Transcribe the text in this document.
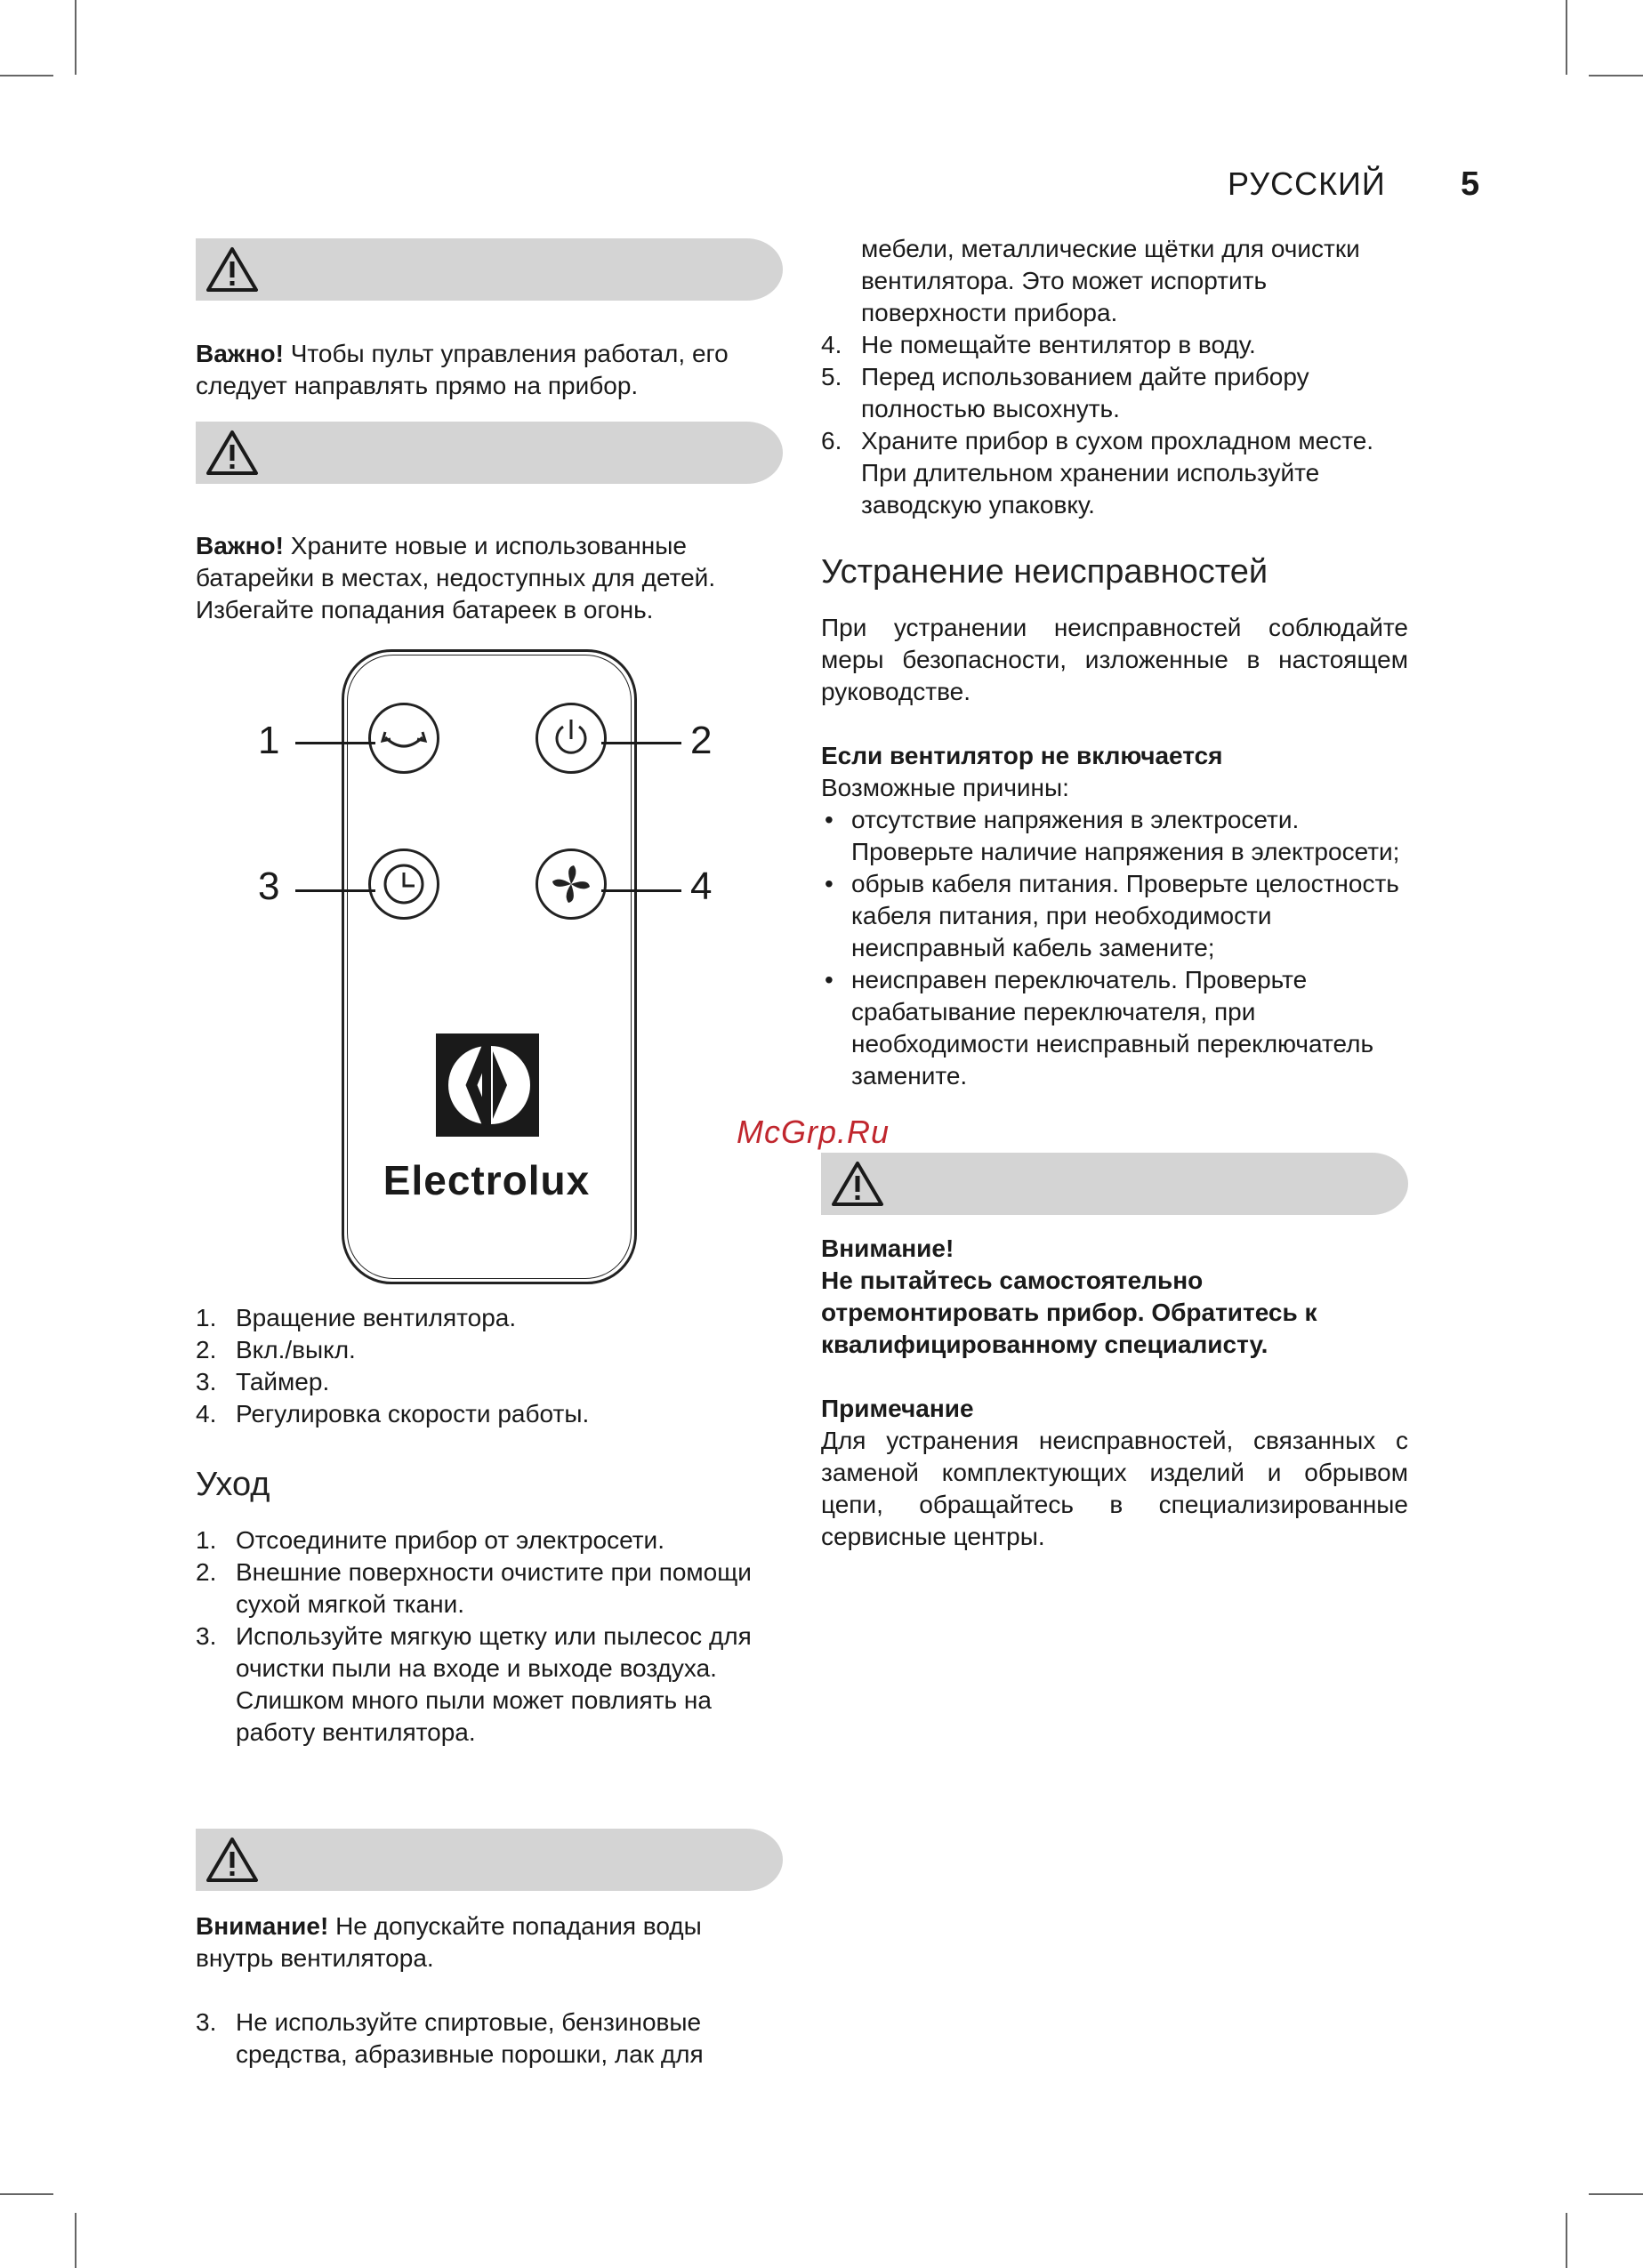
РУССКИЙ 5

Важно! Чтобы пульт управления работал, его следует направлять прямо на прибор.

Важно! Храните новые и использованные батарейки в местах, недоступных для детей. Избегайте попадания батареек в огонь.

Electrolux
1	2
3	4
1. Вращение вентилятора.
2. Вкл./выкл.
3. Таймер.
4. Регулировка скорости работы.
Уход
1. Отсоедините прибор от электросети.
2. Внешние поверхности очистите при помощи сухой мягкой ткани.
3. Используйте мягкую щетку или пылесос для очистки пыли на входе и выходе воздуха. Слишком много пыли может повлиять на работу вентилятора.

Внимание! Не допускайте попадания воды внутрь вентилятора.

3. Не используйте спиртовые, бензиновые средства, абразивные порошки, лак для

мебели, металлические щётки для очистки вентилятора. Это может испортить поверхности прибора.

4. Не помещайте вентилятор в воду.
5. Перед использованием дайте прибору полностью высохнуть.
6. Храните прибор в сухом прохладном месте. При длительном хранении используйте заводскую упаковку.
Устранение неисправностей

При устранении неисправностей соблюдайте меры безопасности, изложенные в настоящем руководстве.

Если вентилятор не включается

Возможные причины:

• отсутствие напряжения в электросети. Проверьте наличие напряжения в электросети;
• обрыв кабеля питания. Проверьте целостность кабеля питания, при необходимости неисправный кабель замените;
• неисправен переключатель. Проверьте срабатывание переключателя, при необходимости неисправный переключатель замените.
McGrp.Ru

Внимание!

Не пытайтесь самостоятельно отремонтировать прибор. Обратитесь к квалифицированному специалисту.

Примечание

Для устранения неисправностей, связанных с заменой комплектующих изделий и обрывом цепи, обращайтесь в специализированные сервисные центры.
